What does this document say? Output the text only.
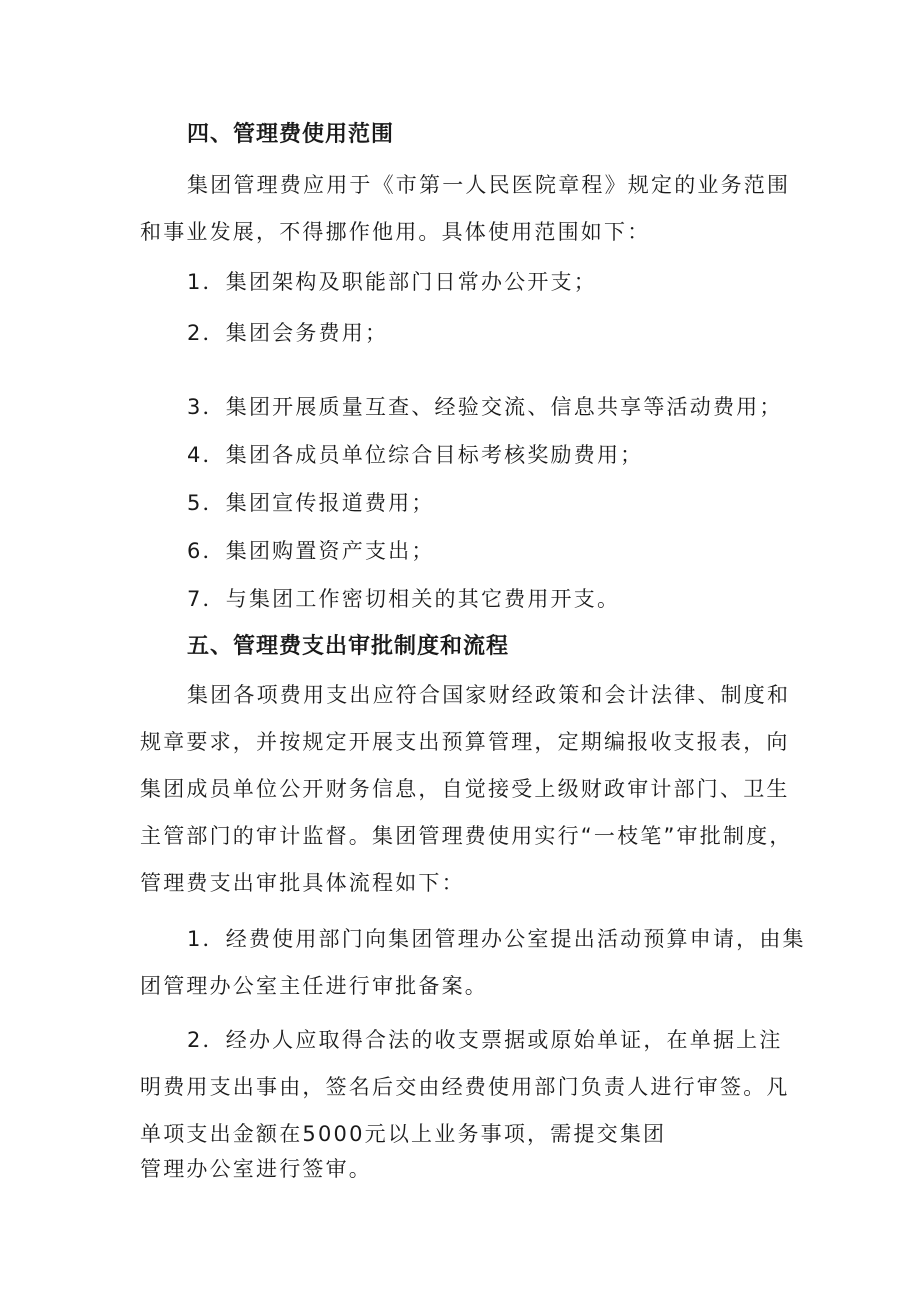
四、管理费使用范围
集团管理费应用于《市第一人民医院章程》规定的业务范围
和事业发展，不得挪作他用。具体使用范围如下：
1．集团架构及职能部门日常办公开支；
2．集团会务费用；
3．集团开展质量互查、经验交流、信息共享等活动费用；
4．集团各成员单位综合目标考核奖励费用；
5．集团宣传报道费用；
6．集团购置资产支出；
7．与集团工作密切相关的其它费用开支。
五、管理费支出审批制度和流程
集团各项费用支出应符合国家财经政策和会计法律、制度和
规章要求，并按规定开展支出预算管理，定期编报收支报表，向
集团成员单位公开财务信息，自觉接受上级财政审计部门、卫生
主管部门的审计监督。集团管理费使用实行“一枝笔”审批制度，
管理费支出审批具体流程如下：
1．经费使用部门向集团管理办公室提出活动预算申请，由集
团管理办公室主任进行审批备案。
2．经办人应取得合法的收支票据或原始单证，在单据上注
明费用支出事由，签名后交由经费使用部门负责人进行审签。凡
单项支出金额在5000元以上业务事项，需提交集团
管理办公室进行签审。
